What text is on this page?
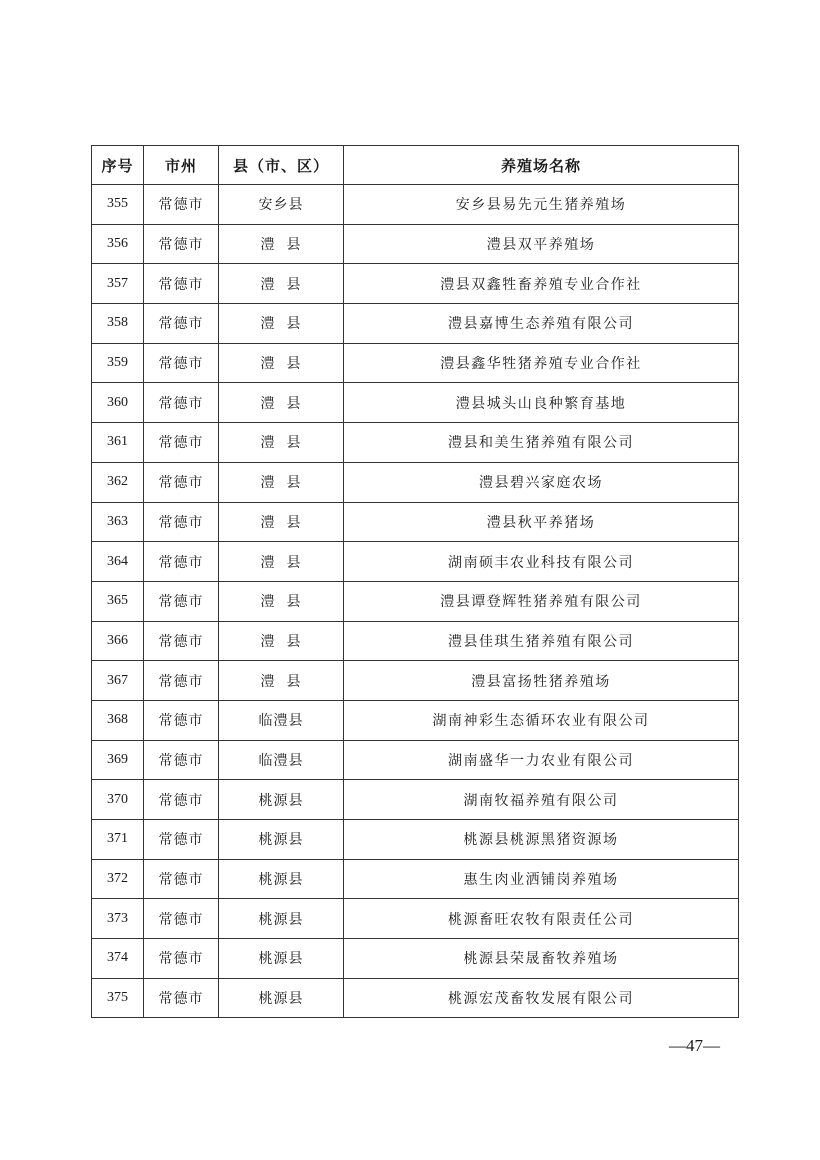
序号	市州	县（市、区）	养殖场名称
355	常德市	安乡县	安乡县易先元生猪养殖场
356	常德市	澧  县	澧县双平养殖场
357	常德市	澧  县	澧县双鑫牲畜养殖专业合作社
358	常德市	澧  县	澧县嘉博生态养殖有限公司
359	常德市	澧  县	澧县鑫华牲猪养殖专业合作社
360	常德市	澧  县	澧县城头山良种繁育基地
361	常德市	澧  县	澧县和美生猪养殖有限公司
362	常德市	澧  县	澧县碧兴家庭农场
363	常德市	澧  县	澧县秋平养猪场
364	常德市	澧  县	湖南硕丰农业科技有限公司
365	常德市	澧  县	澧县谭登辉牲猪养殖有限公司
366	常德市	澧  县	澧县佳琪生猪养殖有限公司
367	常德市	澧  县	澧县富扬牲猪养殖场
368	常德市	临澧县	湖南神彩生态循环农业有限公司
369	常德市	临澧县	湖南盛华一力农业有限公司
370	常德市	桃源县	湖南牧福养殖有限公司
371	常德市	桃源县	桃源县桃源黑猪资源场
372	常德市	桃源县	惠生肉业洒铺岗养殖场
373	常德市	桃源县	桃源畜旺农牧有限责任公司
374	常德市	桃源县	桃源县荣晟畜牧养殖场
375	常德市	桃源县	桃源宏茂畜牧发展有限公司
—47—
